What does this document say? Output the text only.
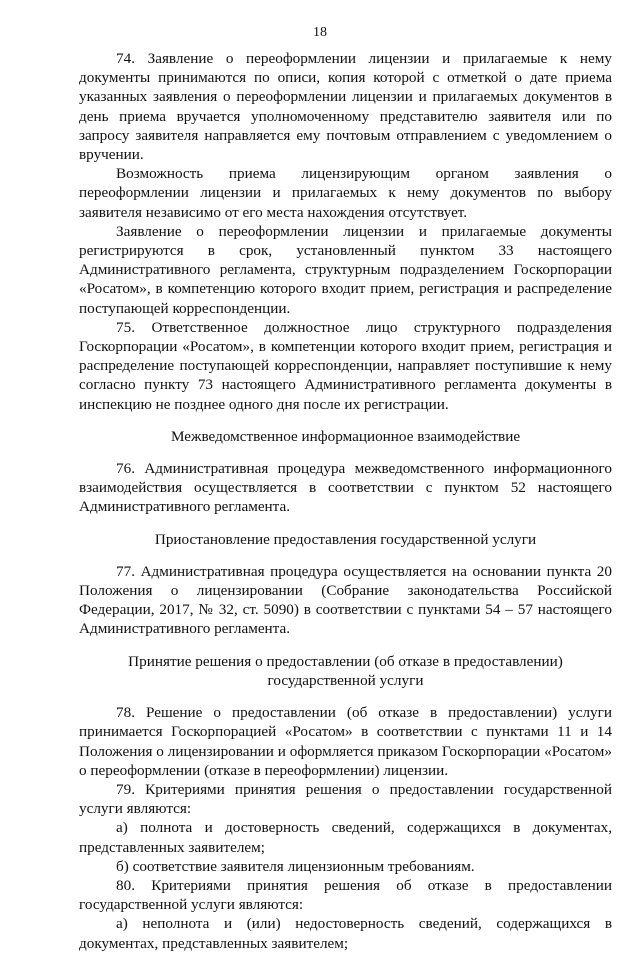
18

74. Заявление о переоформлении лицензии и прилагаемые к нему документы принимаются по описи, копия которой с отметкой о дате приема указанных заявления о переоформлении лицензии и прилагаемых документов в день приема вручается уполномоченному представителю заявителя или по запросу заявителя направляется ему почтовым отправлением с уведомлением о вручении.

Возможность приема лицензирующим органом заявления о переоформлении лицензии и прилагаемых к нему документов по выбору заявителя независимо от его места нахождения отсутствует.

Заявление о переоформлении лицензии и прилагаемые документы регистрируются в срок, установленный пунктом 33 настоящего Административного регламента, структурным подразделением Госкорпорации «Росатом», в компетенцию которого входит прием, регистрация и распределение поступающей корреспонденции.

75. Ответственное должностное лицо структурного подразделения Госкорпорации «Росатом», в компетенции которого входит прием, регистрация и распределение поступающей корреспонденции, направляет поступившие к нему согласно пункту 73 настоящего Административного регламента документы в инспекцию не позднее одного дня после их регистрации.

Межведомственное информационное взаимодействие

76. Административная процедура межведомственного информационного взаимодействия осуществляется в соответствии с пунктом 52 настоящего Административного регламента.

Приостановление предоставления государственной услуги

77. Административная процедура осуществляется на основании пункта 20 Положения о лицензировании (Собрание законодательства Российской Федерации, 2017, № 32, ст. 5090) в соответствии с пунктами 54 – 57 настоящего Административного регламента.

Принятие решения о предоставлении (об отказе в предоставлении)

государственной услуги

78. Решение о предоставлении (об отказе в предоставлении) услуги принимается Госкорпорацией «Росатом» в соответствии с пунктами 11 и 14 Положения о лицензировании и оформляется приказом Госкорпорации «Росатом» о переоформлении (отказе в переоформлении) лицензии.

79. Критериями принятия решения о предоставлении государственной услуги являются:

а) полнота и достоверность сведений, содержащихся в документах, представленных заявителем;

б) соответствие заявителя лицензионным требованиям.

80. Критериями принятия решения об отказе в предоставлении государственной услуги являются:

а) неполнота и (или) недостоверность сведений, содержащихся в документах, представленных заявителем;
